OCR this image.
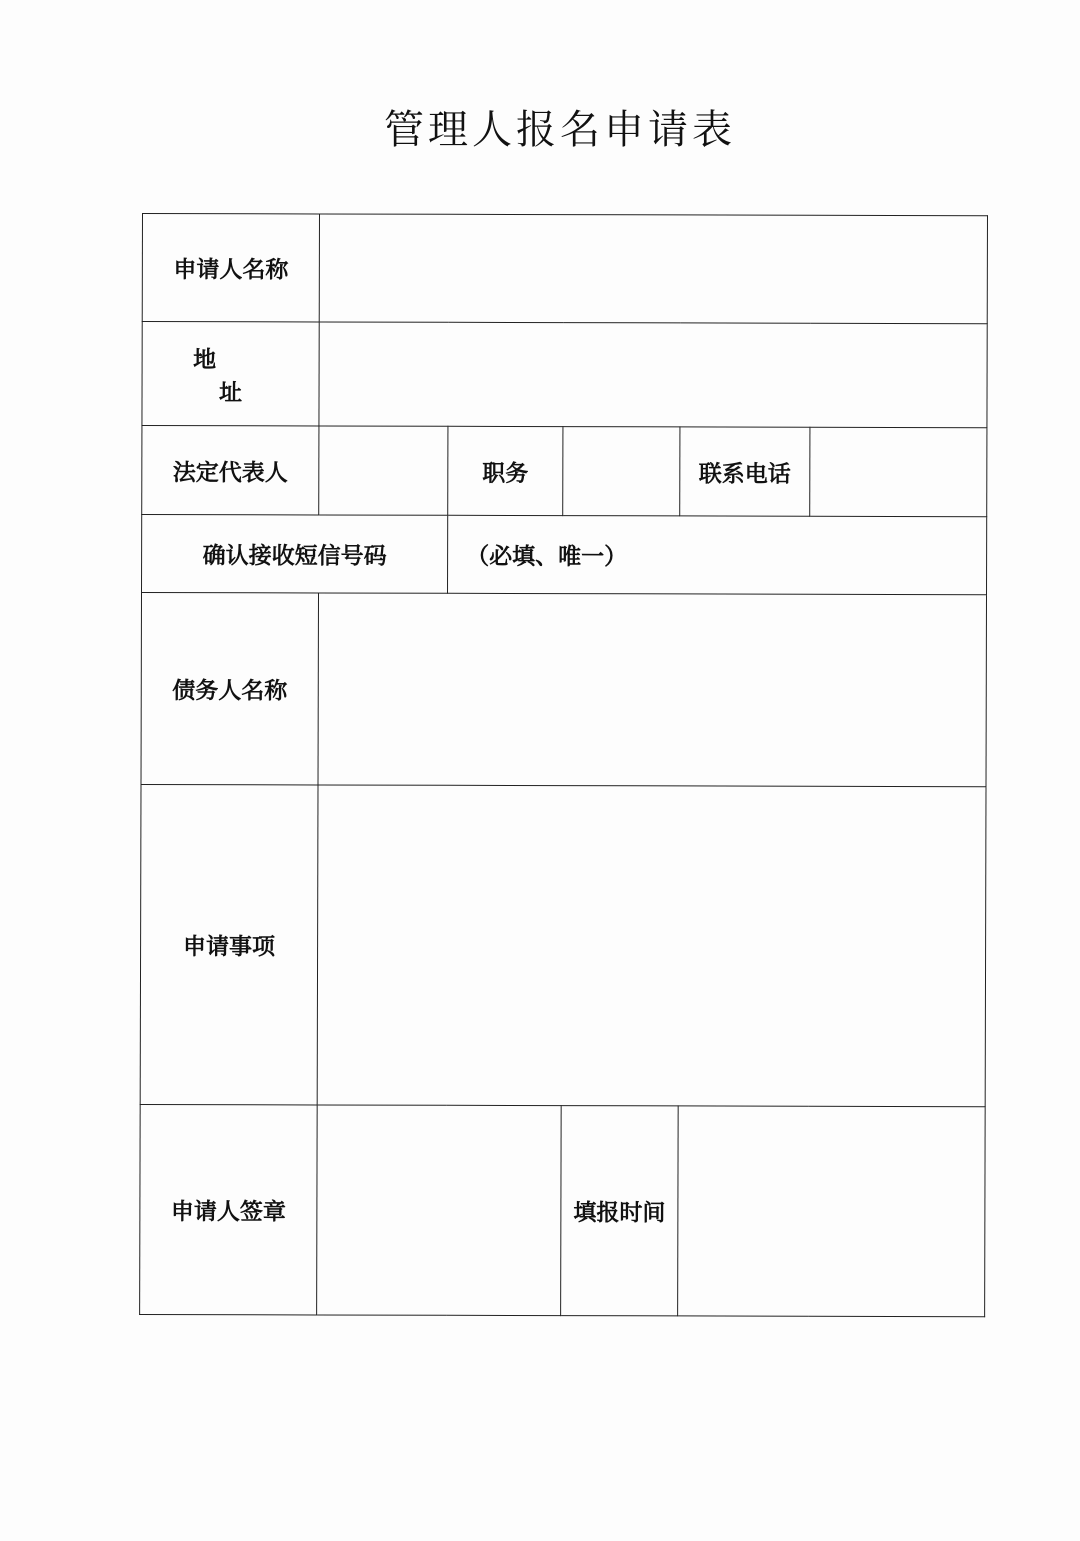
管理人报名申请表
申请人名称					
地 址					
法定代表人		职务		联系电话	
确认接收短信号码		（必填、唯一）			
债务人名称					
申请事项					
申请人签章			填报时间		
